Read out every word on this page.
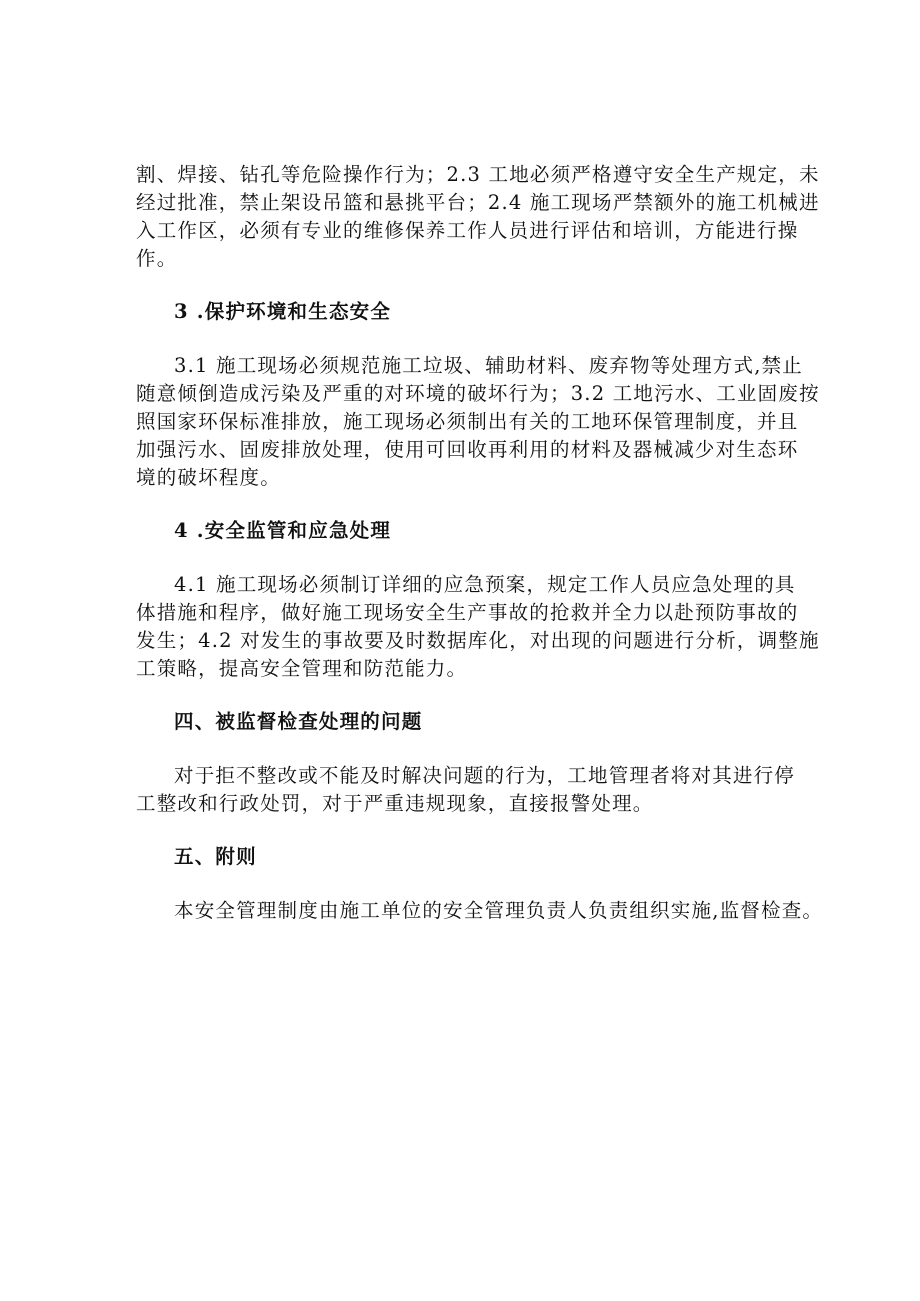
割、焊接、钻孔等危险操作行为；2.3 工地必须严格遵守安全生产规定，未
经过批准，禁止架设吊篮和悬挑平台；2.4 施工现场严禁额外的施工机械进
入工作区，必须有专业的维修保养工作人员进行评估和培训，方能进行操
作。
3 .保护环境和生态安全
3.1 施工现场必须规范施工垃圾、辅助材料、废弃物等处理方式,禁止
随意倾倒造成污染及严重的对环境的破坏行为；3.2 工地污水、工业固废按
照国家环保标准排放，施工现场必须制出有关的工地环保管理制度，并且
加强污水、固废排放处理，使用可回收再利用的材料及器械减少对生态环
境的破坏程度。
4 .安全监管和应急处理
4.1 施工现场必须制订详细的应急预案，规定工作人员应急处理的具
体措施和程序，做好施工现场安全生产事故的抢救并全力以赴预防事故的
发生；4.2 对发生的事故要及时数据库化，对出现的问题进行分析，调整施
工策略，提高安全管理和防范能力。
四、被监督检查处理的问题
对于拒不整改或不能及时解决问题的行为，工地管理者将对其进行停
工整改和行政处罚，对于严重违规现象，直接报警处理。
五、附则
本安全管理制度由施工单位的安全管理负责人负责组织实施,监督检查。
